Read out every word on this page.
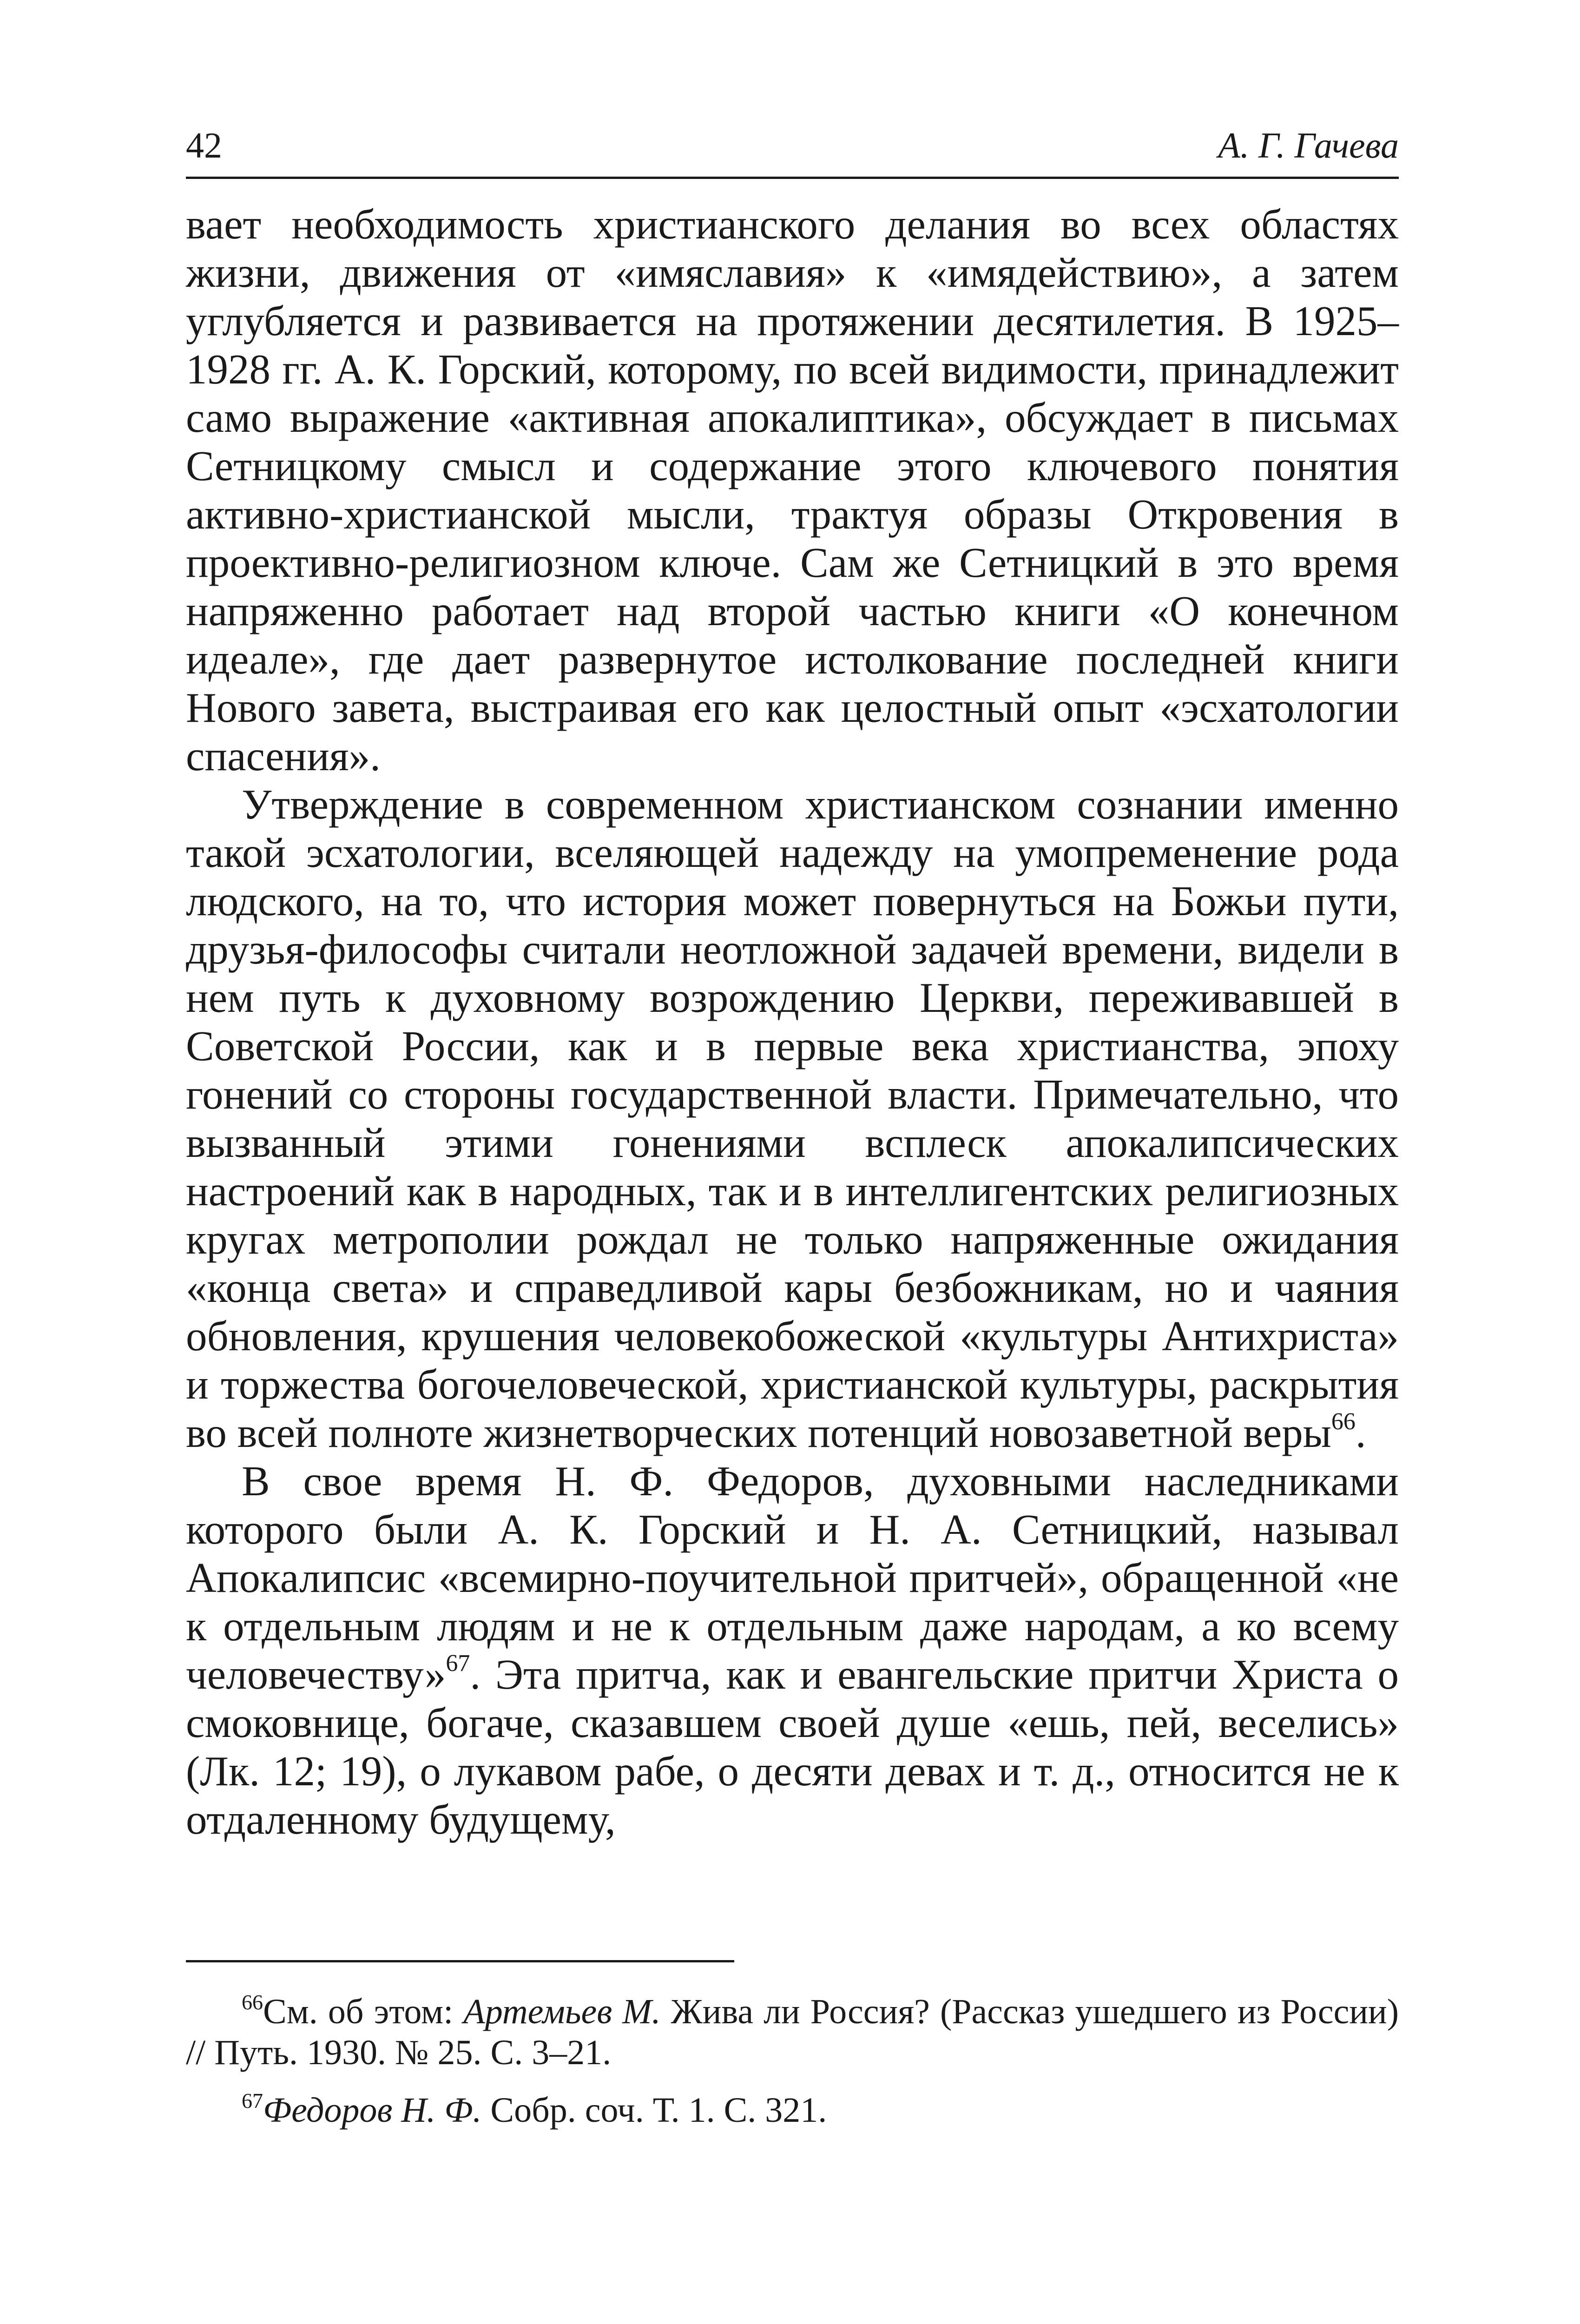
42	А. Г. Гачева

вает необходимость христианского делания во всех областях жизни, движения от «имяславия» к «имядействию», а затем углубляется и развивается на протяжении десятилетия. В 1925–1928 гг. А. К. Горский, которому, по всей видимости, принадлежит само выражение «активная апокалиптика», обсуждает в письмах Сетницкому смысл и содержание этого ключевого понятия активно-христианской мысли, трактуя образы Откровения в проективно-религиозном ключе. Сам же Сетницкий в это время напряженно работает над второй частью книги «О конечном идеале», где дает развернутое истолкование последней книги Нового завета, выстраивая его как целостный опыт «эсхатологии спасения».

Утверждение в современном христианском сознании именно такой эсхатологии, вселяющей надежду на умопременение рода людского, на то, что история может повернуться на Божьи пути, друзья-философы считали неотложной задачей времени, видели в нем путь к духовному возрождению Церкви, переживавшей в Советской России, как и в первые века христианства, эпоху гонений со стороны государственной власти. Примечательно, что вызванный этими гонениями всплеск апокалипсических настроений как в народных, так и в интеллигентских религиозных кругах метрополии рождал не только напряженные ожидания «конца света» и справедливой кары безбожникам, но и чаяния обновления, крушения человекобожеской «культуры Антихриста» и торжества богочеловеческой, христианской культуры, раскрытия во всей полноте жизнетворческих потенций новозаветной веры$^{66}$.

В свое время Н. Ф. Федоров, духовными наследниками которого были А. К. Горский и Н. А. Сетницкий, называл Апокалипсис «всемирно-поучительной притчей», обращенной «не к отдельным людям и не к отдельным даже народам, а ко всему человечеству»$^{67}$. Эта притча, как и евангельские притчи Христа о смоковнице, богаче, сказавшем своей душе «ешь, пей, веселись» (Лк. 12; 19), о лукавом рабе, о десяти девах и т. д., относится не к отдаленному будущему,

$^{66}$См. об этом: Артемьев М. Жива ли Россия? (Рассказ ушедшего из России) // Путь. 1930. № 25. С. 3–21.

$^{67}$Федоров Н. Ф. Собр. соч. Т. 1. С. 321.
